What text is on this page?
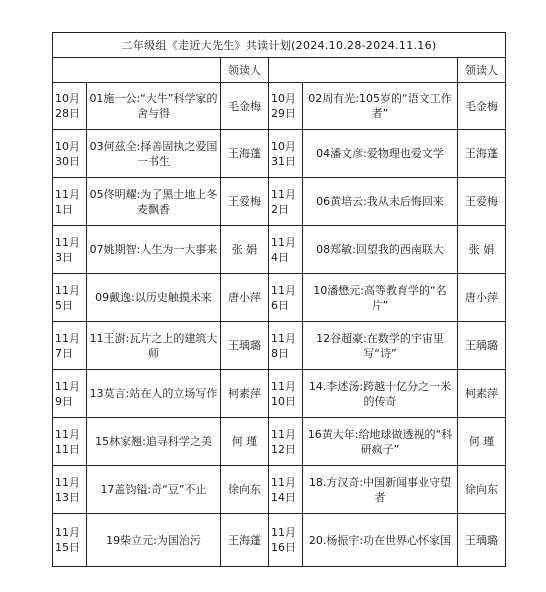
二年级组《走近大先生》共读计划(2024.10.28-2024.11.16)					
		领读人			领读人
10月28日	01施一公:“大牛”科学家的舍与得	毛金梅	10月29日	02周有光:105岁的“语文工作者”	毛金梅
10月30日	03何兹全:择善固执之爱国一书生	王海蓬	10月31日	04潘文彦:爱物理也爱文学	王海蓬
11月1日	05佟明耀:为了黑土地上冬麦飘香	王爱梅	11月2日	06黄培云:我从未后悔回来	王爱梅
11月3日	07姚期智:人生为一大事来	张 娟	11月4日	08郑敏:回望我的西南联大	张 娟
11月5日	09戴逸:以历史触摸未来	唐小萍	11月6日	10潘懋元:高等教育学的“名片”	唐小萍
11月7日	11王澍:瓦片之上的建筑大师	王瑀璐	11月8日	12谷超豪:在数学的宇宙里写“诗”	王瑀璐
11月9日	13莫言:站在人的立场写作	柯素萍	11月10日	14.李述汤:跨越十亿分之一米的传奇	柯素萍
11月11日	15林家翘:追寻科学之美	何 瑾	11月12日	16黄大年:给地球做透视的“科研疯子”	何 瑾
11月13日	17盖钧镒:奇“豆”不止	徐向东	11月14日	18.方汉奇:中国新闻事业守望者	徐向东
11月15日	19柴立元:为国治污	王海蓬	11月16日	20.杨振宇:功在世界心怀家国	王瑀璐
